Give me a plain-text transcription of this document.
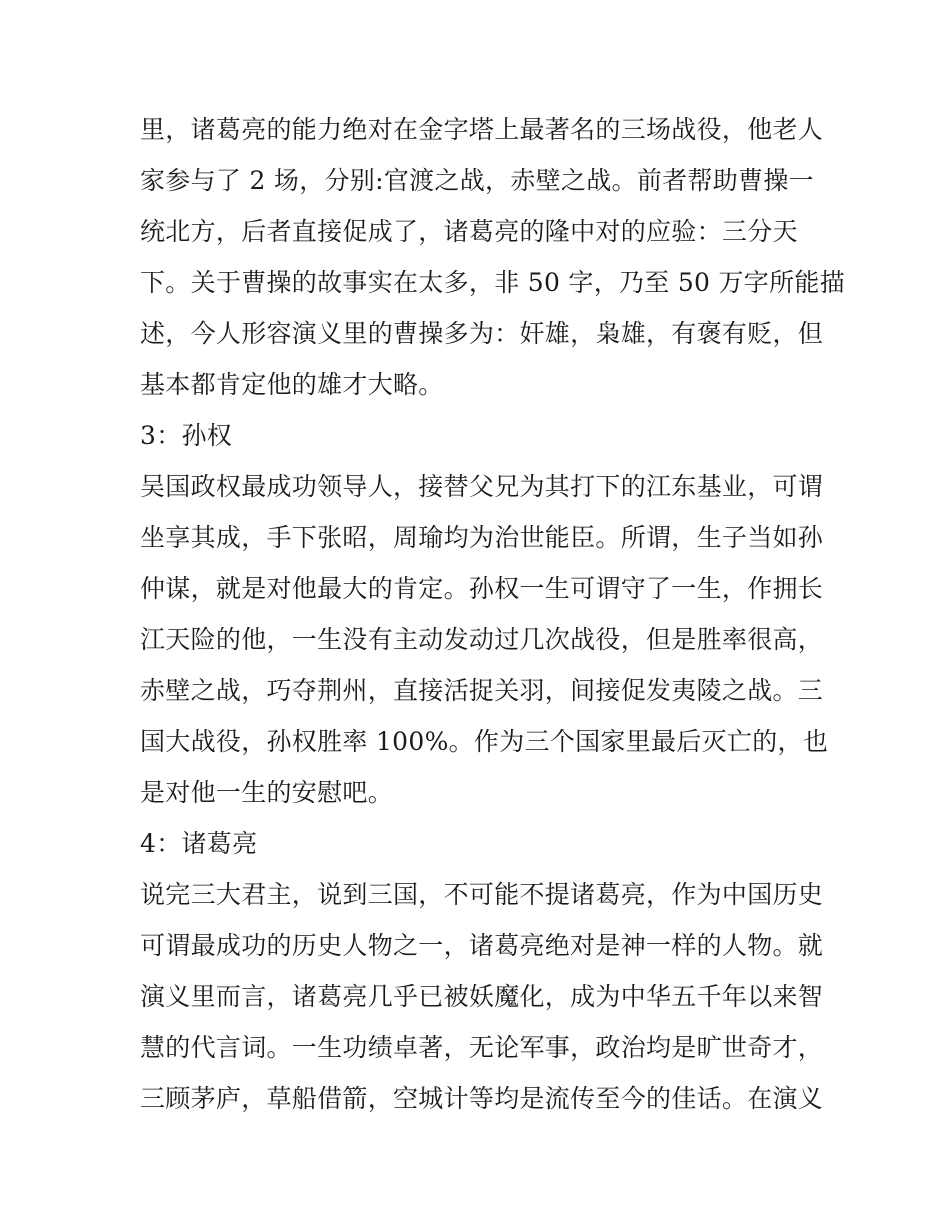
里，诸葛亮的能力绝对在金字塔上最著名的三场战役，他老人
家参与了 2 场，分别:官渡之战，赤壁之战。前者帮助曹操一
统北方，后者直接促成了，诸葛亮的隆中对的应验：三分天
下。关于曹操的故事实在太多，非 50 字，乃至 50 万字所能描
述，今人形容演义里的曹操多为：奸雄，枭雄，有褒有贬，但
基本都肯定他的雄才大略。
3：孙权
吴国政权最成功领导人，接替父兄为其打下的江东基业，可谓
坐享其成，手下张昭，周瑜均为治世能臣。所谓，生子当如孙
仲谋，就是对他最大的肯定。孙权一生可谓守了一生，作拥长
江天险的他，一生没有主动发动过几次战役，但是胜率很高，
赤壁之战，巧夺荆州，直接活捉关羽，间接促发夷陵之战。三
国大战役，孙权胜率 100%。作为三个国家里最后灭亡的，也
是对他一生的安慰吧。
4：诸葛亮
说完三大君主，说到三国，不可能不提诸葛亮，作为中国历史
可谓最成功的历史人物之一，诸葛亮绝对是神一样的人物。就
演义里而言，诸葛亮几乎已被妖魔化，成为中华五千年以来智
慧的代言词。一生功绩卓著，无论军事，政治均是旷世奇才，
三顾茅庐，草船借箭，空城计等均是流传至今的佳话。在演义
